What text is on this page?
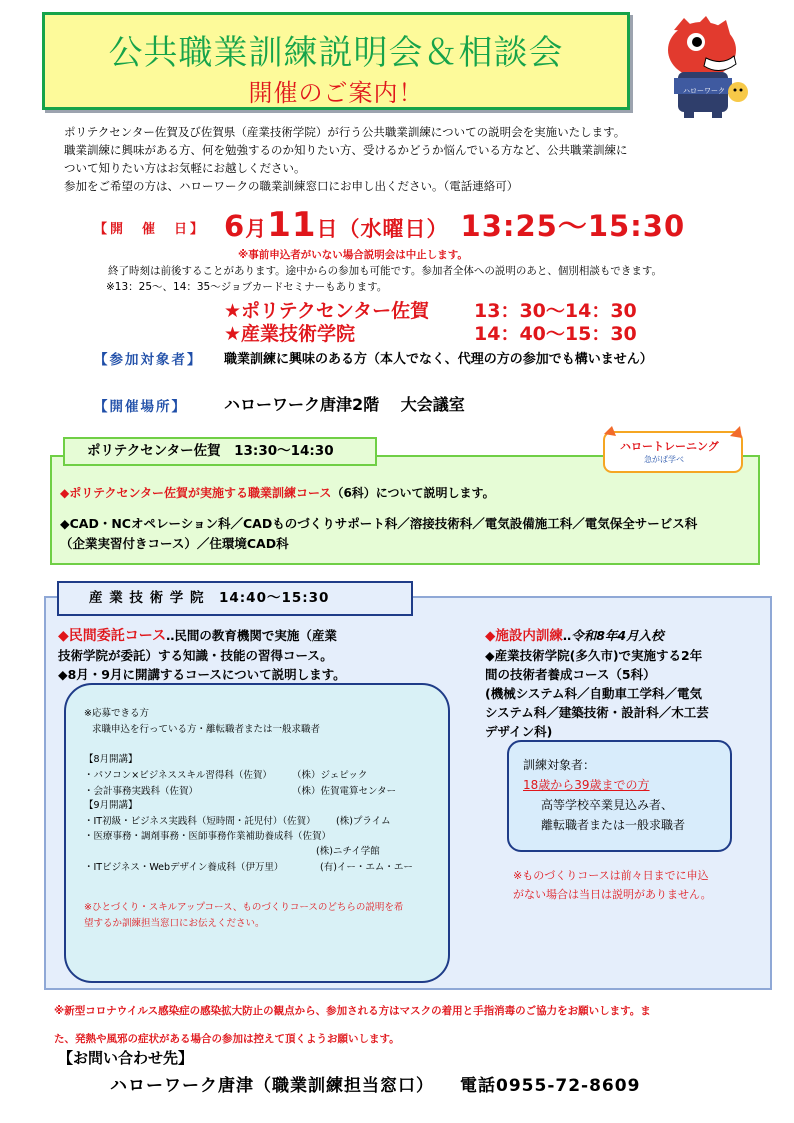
公共職業訓練説明会＆相談会
開催のご案内！	ハローワーク
ポリテクセンター佐賀及び佐賀県（産業技術学院）が行う公共職業訓練についての説明会を実施いたします。
職業訓練に興味がある方、何を勉強するのか知りたい方、受けるかどうか悩んでいる方など、公共職業訓練に
ついて知りたい方はお気軽にお越しください。
参加をご希望の方は、ハローワークの職業訓練窓口にお申し出ください。（電話連絡可）
【開　催　日】 6月11日（水曜日） 13:25〜15:30
※事前申込者がいない場合説明会は中止します。
終了時刻は前後することがあります。途中からの参加も可能です。参加者全体への説明のあと、個別相談もできます。
※13：25〜、14：35〜ジョブカードセミナーもあります。
★ポリテクセンター佐賀 13：30〜14：30
★産業技術学院	14：40〜15：30
【参加対象者】 職業訓練に興味のある方（本人でなく、代理の方の参加でも構いません）
【開催場所】 ハローワーク唐津2階　 大会議室
ポリテクセンター佐賀　13:30〜14:30	ハロートレーニング
急がば学べ
◆ポリテクセンター佐賀が実施する職業訓練コース（6科）について説明します。
◆CAD・NCオペレーション科／CADものづくりサポート科／溶接技術科／電気設備施工科／電気保全サービス科
（企業実習付きコース）／住環境CAD科
産 業 技 術 学 院　14:40〜15:30
◆民間委託コース‥民間の教育機関で実施（産業
技術学院が委託）する知識・技能の習得コース。
◆8月・9月に開講するコースについて説明します。
※応募できる方
求職申込を行っている方・離転職者または一般求職者
【8月開講】
・パソコン×ビジネススキル習得科（佐賀） （株）ジェピック
・会計事務実践科（佐賀）	（株）佐賀電算センター
【9月開講】
・IT初級・ビジネス実践科（短時間・託児付）（佐賀） (株)プライム
・医療事務・調剤事務・医師事務作業補助養成科（佐賀）
(株)ニチイ学館
・ITビジネス・Webデザイン養成科（伊万里）	(有)イー・エム・エー
※ひとづくり・スキルアップコース、ものづくりコースのどちらの説明を希
望するか訓練担当窓口にお伝えください。
◆施設内訓練‥令和8年4月入校
◆産業技術学院(多久市)で実施する2年
間の技術者養成コース（5科）
(機械システム科／自動車工学科／電気
システム科／建築技術・設計科／木工芸
デザイン科)
訓練対象者：
18歳から39歳までの方
高等学校卒業見込み者、
離転職者または一般求職者
※ものづくりコースは前々日までに申込
がない場合は当日は説明がありません。
※新型コロナウイルス感染症の感染拡大防止の観点から、参加される方はマスクの着用と手指消毒のご協力をお願いします。ま
た、発熱や風邪の症状がある場合の参加は控えて頂くようお願いします。
【お問い合わせ先】
ハローワーク唐津（職業訓練担当窓口） 電話0955-72-8609
